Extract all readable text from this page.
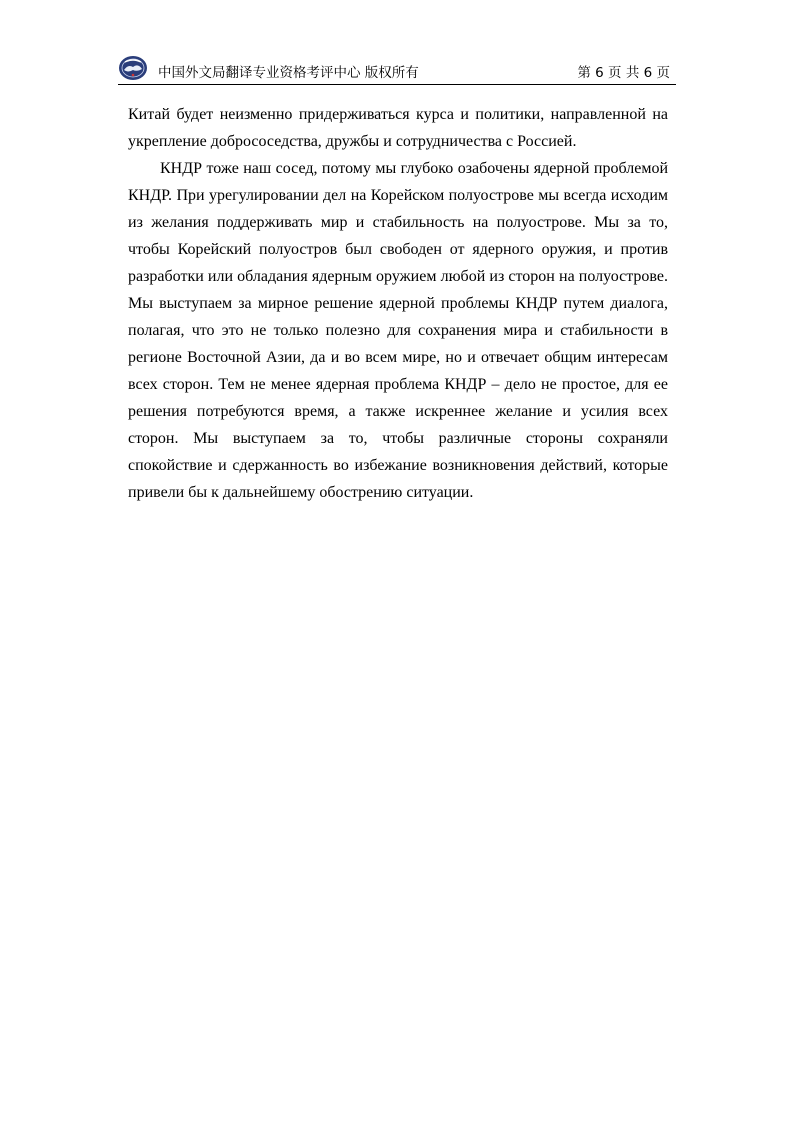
中国外文局翻译专业资格考评中心 版权所有	第 6 页 共 6 页

Китай будет неизменно придерживаться курса и политики, направленной на укрепление добрососедства, дружбы и сотрудничества с Россией.

КНДР тоже наш сосед, потому мы глубоко озабочены ядерной проблемой КНДР. При урегулировании дел на Корейском полуострове мы всегда исходим из желания поддерживать мир и стабильность на полуострове. Мы за то, чтобы Корейский полуостров был свободен от ядерного оружия, и против разработки или обладания ядерным оружием любой из сторон на полуострове. Мы выступаем за мирное решение ядерной проблемы КНДР путем диалога, полагая, что это не только полезно для сохранения мира и стабильности в регионе Восточной Азии, да и во всем мире, но и отвечает общим интересам всех сторон. Тем не менее ядерная проблема КНДР – дело не простое, для ее решения потребуются время, а также искреннее желание и усилия всех сторон. Мы выступаем за то, чтобы различные стороны сохраняли спокойствие и сдержанность во избежание возникновения действий, которые привели бы к дальнейшему обострению ситуации.
